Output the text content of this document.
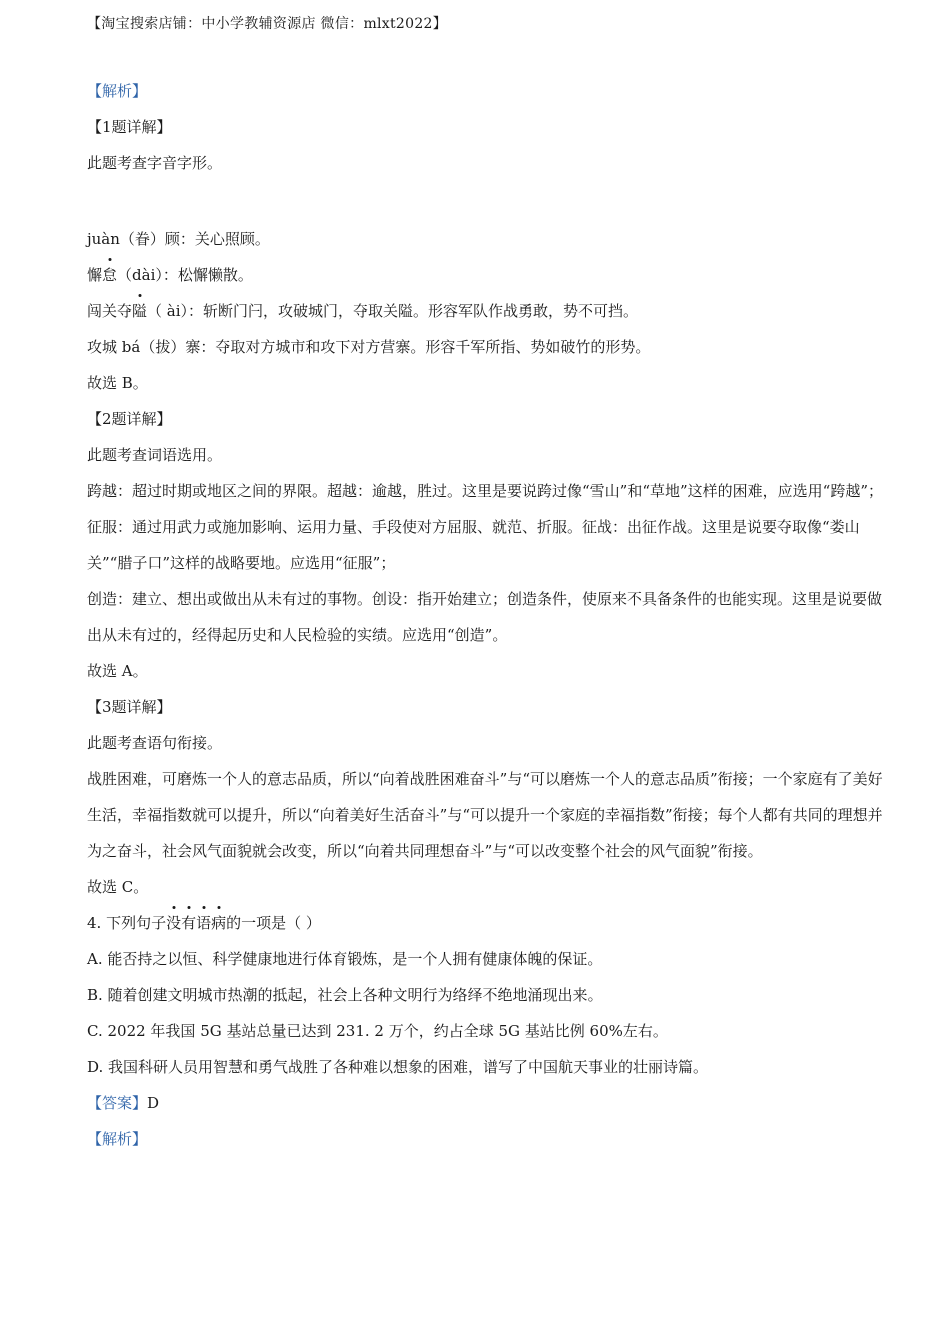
【淘宝搜索店铺：中小学教辅资源店 微信：mlxt2022】
【解析】
【1题详解】
此题考查字音字形。
juàn（眷）顾：关心照顾。
懈怠（dài）：松懈懒散。
闯关夺隘（ ài）：斩断门闩，攻破城门，夺取关隘。形容军队作战勇敢，势不可挡。
攻城 bá（拔）寨：夺取对方城市和攻下对方营寨。形容千军所指、势如破竹的形势。
故选 B。
【2题详解】
此题考查词语选用。
跨越：超过时期或地区之间的界限。超越：逾越，胜过。这里是要说跨过像“雪山”和“草地”这样的困难，应选用“跨越”；
征服：通过用武力或施加影响、运用力量、手段使对方屈服、就范、折服。征战：出征作战。这里是说要夺取像“娄山关”“腊子口”这样的战略要地。应选用“征服”；
创造：建立、想出或做出从未有过的事物。创设：指开始建立；创造条件，使原来不具备条件的也能实现。这里是说要做出从未有过的，经得起历史和人民检验的实绩。应选用“创造”。
故选 A。
【3题详解】
此题考查语句衔接。
战胜困难，可磨炼一个人的意志品质，所以“向着战胜困难奋斗”与“可以磨炼一个人的意志品质”衔接；一个家庭有了美好生活，幸福指数就可以提升，所以“向着美好生活奋斗”与“可以提升一个家庭的幸福指数”衔接；每个人都有共同的理想并为之奋斗，社会风气面貌就会改变，所以“向着共同理想奋斗”与“可以改变整个社会的风气面貌”衔接。
故选 C。
4. 下列句子没有语病的一项是（ ）
A. 能否持之以恒、科学健康地进行体育锻炼，是一个人拥有健康体魄的保证。
B. 随着创建文明城市热潮的抵起，社会上各种文明行为络绎不绝地涌现出来。
C. 2022 年我国 5G 基站总量已达到 231. 2 万个，约占全球 5G 基站比例 60%左右。
D. 我国科研人员用智慧和勇气战胜了各种难以想象的困难，谱写了中国航天事业的壮丽诗篇。
【答案】D
【解析】
